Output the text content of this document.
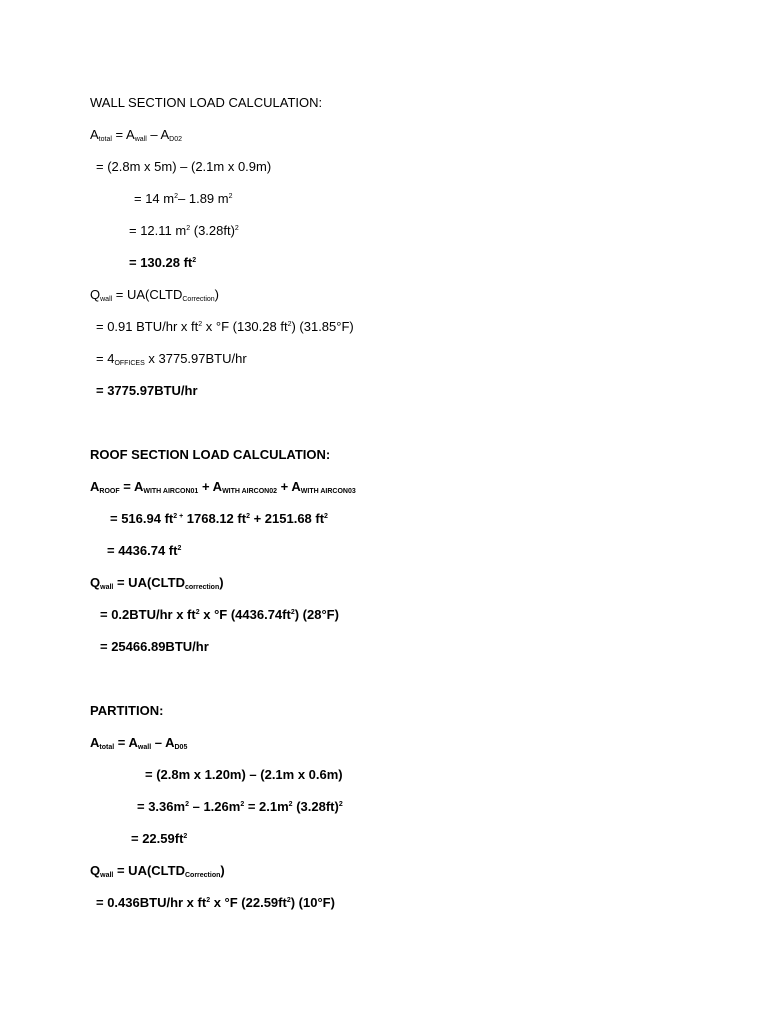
WALL SECTION LOAD CALCULATION:
$A_{total} = A_{wall} - A_{D02}$
= (2.8m x 5m) – (2.1m x 0.9m)
= 14 $m^2-$ 1.89 $m^2$
= 12.11 $m^2$ $(3.28ft)^2$
= 130.28 $ft^2$
$Q_{wall}$ = $UA(CLTD_{Correction})$
= 0.91 BTU/hr x $ft^2$ x °F (130.28 $ft^2$) (31.85°F)
= $4_{OFFICES}$ x 3775.97BTU/hr
= 3775.97BTU/hr
ROOF SECTION LOAD CALCULATION:
$A_{ROOF} = A_{WITH AIRCON01} + A_{WITH AIRCON02} + A_{WITH AIRCON03}$
= 516.94 $ft^{2 +}$ 1768.12 $ft^2 + 2151.68$ $ft^2$
= 4436.74 $ft^2$
$Q_{wall}$ = $UA(CLTD_{correction})$
= 0.2BTU/hr x $ft^2$ x °F $(4436.74ft^2)$ (28°F)
= 25466.89BTU/hr
PARTITION:
$A_{total} = A_{wall} - A_{D05}$
= (2.8m x 1.20m) – (2.1m x 0.6m)
= $3.36m^2 - 1.26m^2 = 2.1m^2$ $(3.28ft)^2$
= $22.59ft^2$
$Q_{wall}$ = $UA(CLTD_{Correction})$
= 0.436BTU/hr x $ft^2$ x °F $(22.59ft^2)$ (10°F)
